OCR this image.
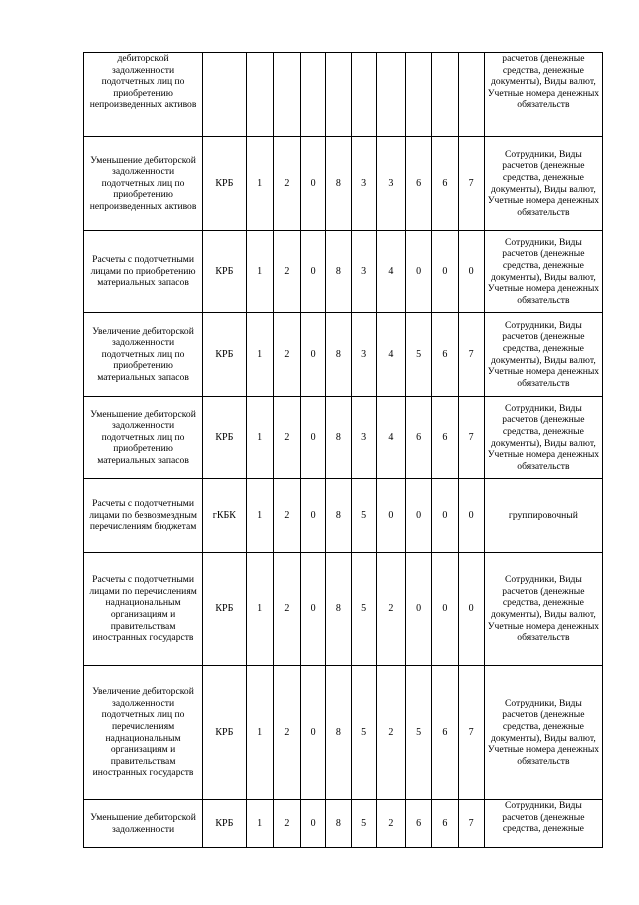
дебиторской задолженности подотчетных лиц по приобретению непроизведенных активов											расчетов (денежные средства, денежные документы), Виды валют, Учетные номера денежных обязательств
Уменьшение дебиторской задолженности подотчетных лиц по приобретению непроизведенных активов	КРБ	1	2	0	8	3	3	6	6	7	Сотрудники, Виды расчетов (денежные средства, денежные документы), Виды валют, Учетные номера денежных обязательств
Расчеты с подотчетными лицами по приобретению материальных запасов	КРБ	1	2	0	8	3	4	0	0	0	Сотрудники, Виды расчетов (денежные средства, денежные документы), Виды валют, Учетные номера денежных обязательств
Увеличение дебиторской задолженности подотчетных лиц по приобретению материальных запасов	КРБ	1	2	0	8	3	4	5	6	7	Сотрудники, Виды расчетов (денежные средства, денежные документы), Виды валют, Учетные номера денежных обязательств
Уменьшение дебиторской задолженности подотчетных лиц по приобретению материальных запасов	КРБ	1	2	0	8	3	4	6	6	7	Сотрудники, Виды расчетов (денежные средства, денежные документы), Виды валют, Учетные номера денежных обязательств
Расчеты с подотчетными лицами по безвозмездным перечислениям бюджетам	гКБК	1	2	0	8	5	0	0	0	0	группировочный
Расчеты с подотчетными лицами по перечислениям наднациональным организациям и правительствам иностранных государств	КРБ	1	2	0	8	5	2	0	0	0	Сотрудники, Виды расчетов (денежные средства, денежные документы), Виды валют, Учетные номера денежных обязательств
Увеличение дебиторской задолженности подотчетных лиц по перечислениям наднациональным организациям и правительствам иностранных государств	КРБ	1	2	0	8	5	2	5	6	7	Сотрудники, Виды расчетов (денежные средства, денежные документы), Виды валют, Учетные номера денежных обязательств
Уменьшение дебиторской задолженности	КРБ	1	2	0	8	5	2	6	6	7	Сотрудники, Виды расчетов (денежные средства, денежные
